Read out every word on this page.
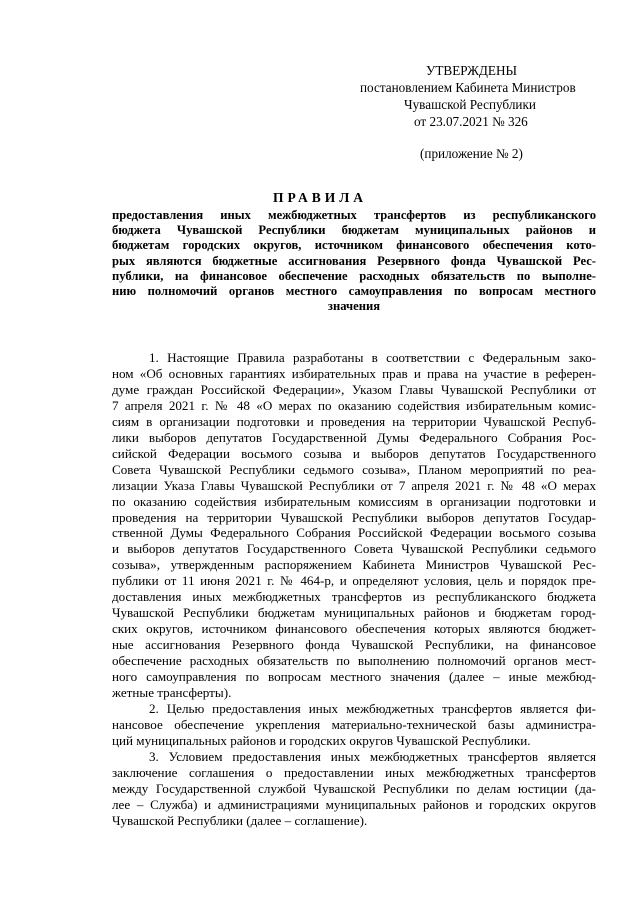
УТВЕРЖДЕНЫ
постановлением Кабинета Министров
Чувашской Республики
от 23.07.2021 № 326
(приложение № 2)
ПРАВИЛА
предоставления иных межбюджетных трансфертов из республиканского
бюджета Чувашской Республики бюджетам муниципальных районов и
бюджетам городских округов, источником финансового обеспечения кото-
рых являются бюджетные ассигнования Резервного фонда Чувашской Рес-
публики, на финансовое обеспечение расходных обязательств по выполне-
нию полномочий органов местного самоуправления по вопросам местного
значения
1. Настоящие Правила разработаны в соответствии с Федеральным зако-
ном «Об основных гарантиях избирательных прав и права на участие в референ-
думе граждан Российской Федерации», Указом Главы Чувашской Республики от
7 апреля 2021 г. № 48 «О мерах по оказанию содействия избирательным комис-
сиям в организации подготовки и проведения на территории Чувашской Респуб-
лики выборов депутатов Государственной Думы Федерального Собрания Рос-
сийской Федерации восьмого созыва и выборов депутатов Государственного
Совета Чувашской Республики седьмого созыва», Планом мероприятий по реа-
лизации Указа Главы Чувашской Республики от 7 апреля 2021 г. № 48 «О мерах
по оказанию содействия избирательным комиссиям в организации подготовки и
проведения на территории Чувашской Республики выборов депутатов Государ-
ственной Думы Федерального Собрания Российской Федерации восьмого созыва
и выборов депутатов Государственного Совета Чувашской Республики седьмого
созыва», утвержденным распоряжением Кабинета Министров Чувашской Рес-
публики от 11 июня 2021 г. № 464-р, и определяют условия, цель и порядок пре-
доставления иных межбюджетных трансфертов из республиканского бюджета
Чувашской Республики бюджетам муниципальных районов и бюджетам город-
ских округов, источником финансового обеспечения которых являются бюджет-
ные ассигнования Резервного фонда Чувашской Республики, на финансовое
обеспечение расходных обязательств по выполнению полномочий органов мест-
ного самоуправления по вопросам местного значения (далее – иные межбюд-
жетные трансферты).
2. Целью предоставления иных межбюджетных трансфертов является фи-
нансовое обеспечение укрепления материально-технической базы администра-
ций муниципальных районов и городских округов Чувашской Республики.
3. Условием предоставления иных межбюджетных трансфертов является
заключение соглашения о предоставлении иных межбюджетных трансфертов
между Государственной службой Чувашской Республики по делам юстиции (да-
лее – Служба) и администрациями муниципальных районов и городских округов
Чувашской Республики (далее – соглашение).
